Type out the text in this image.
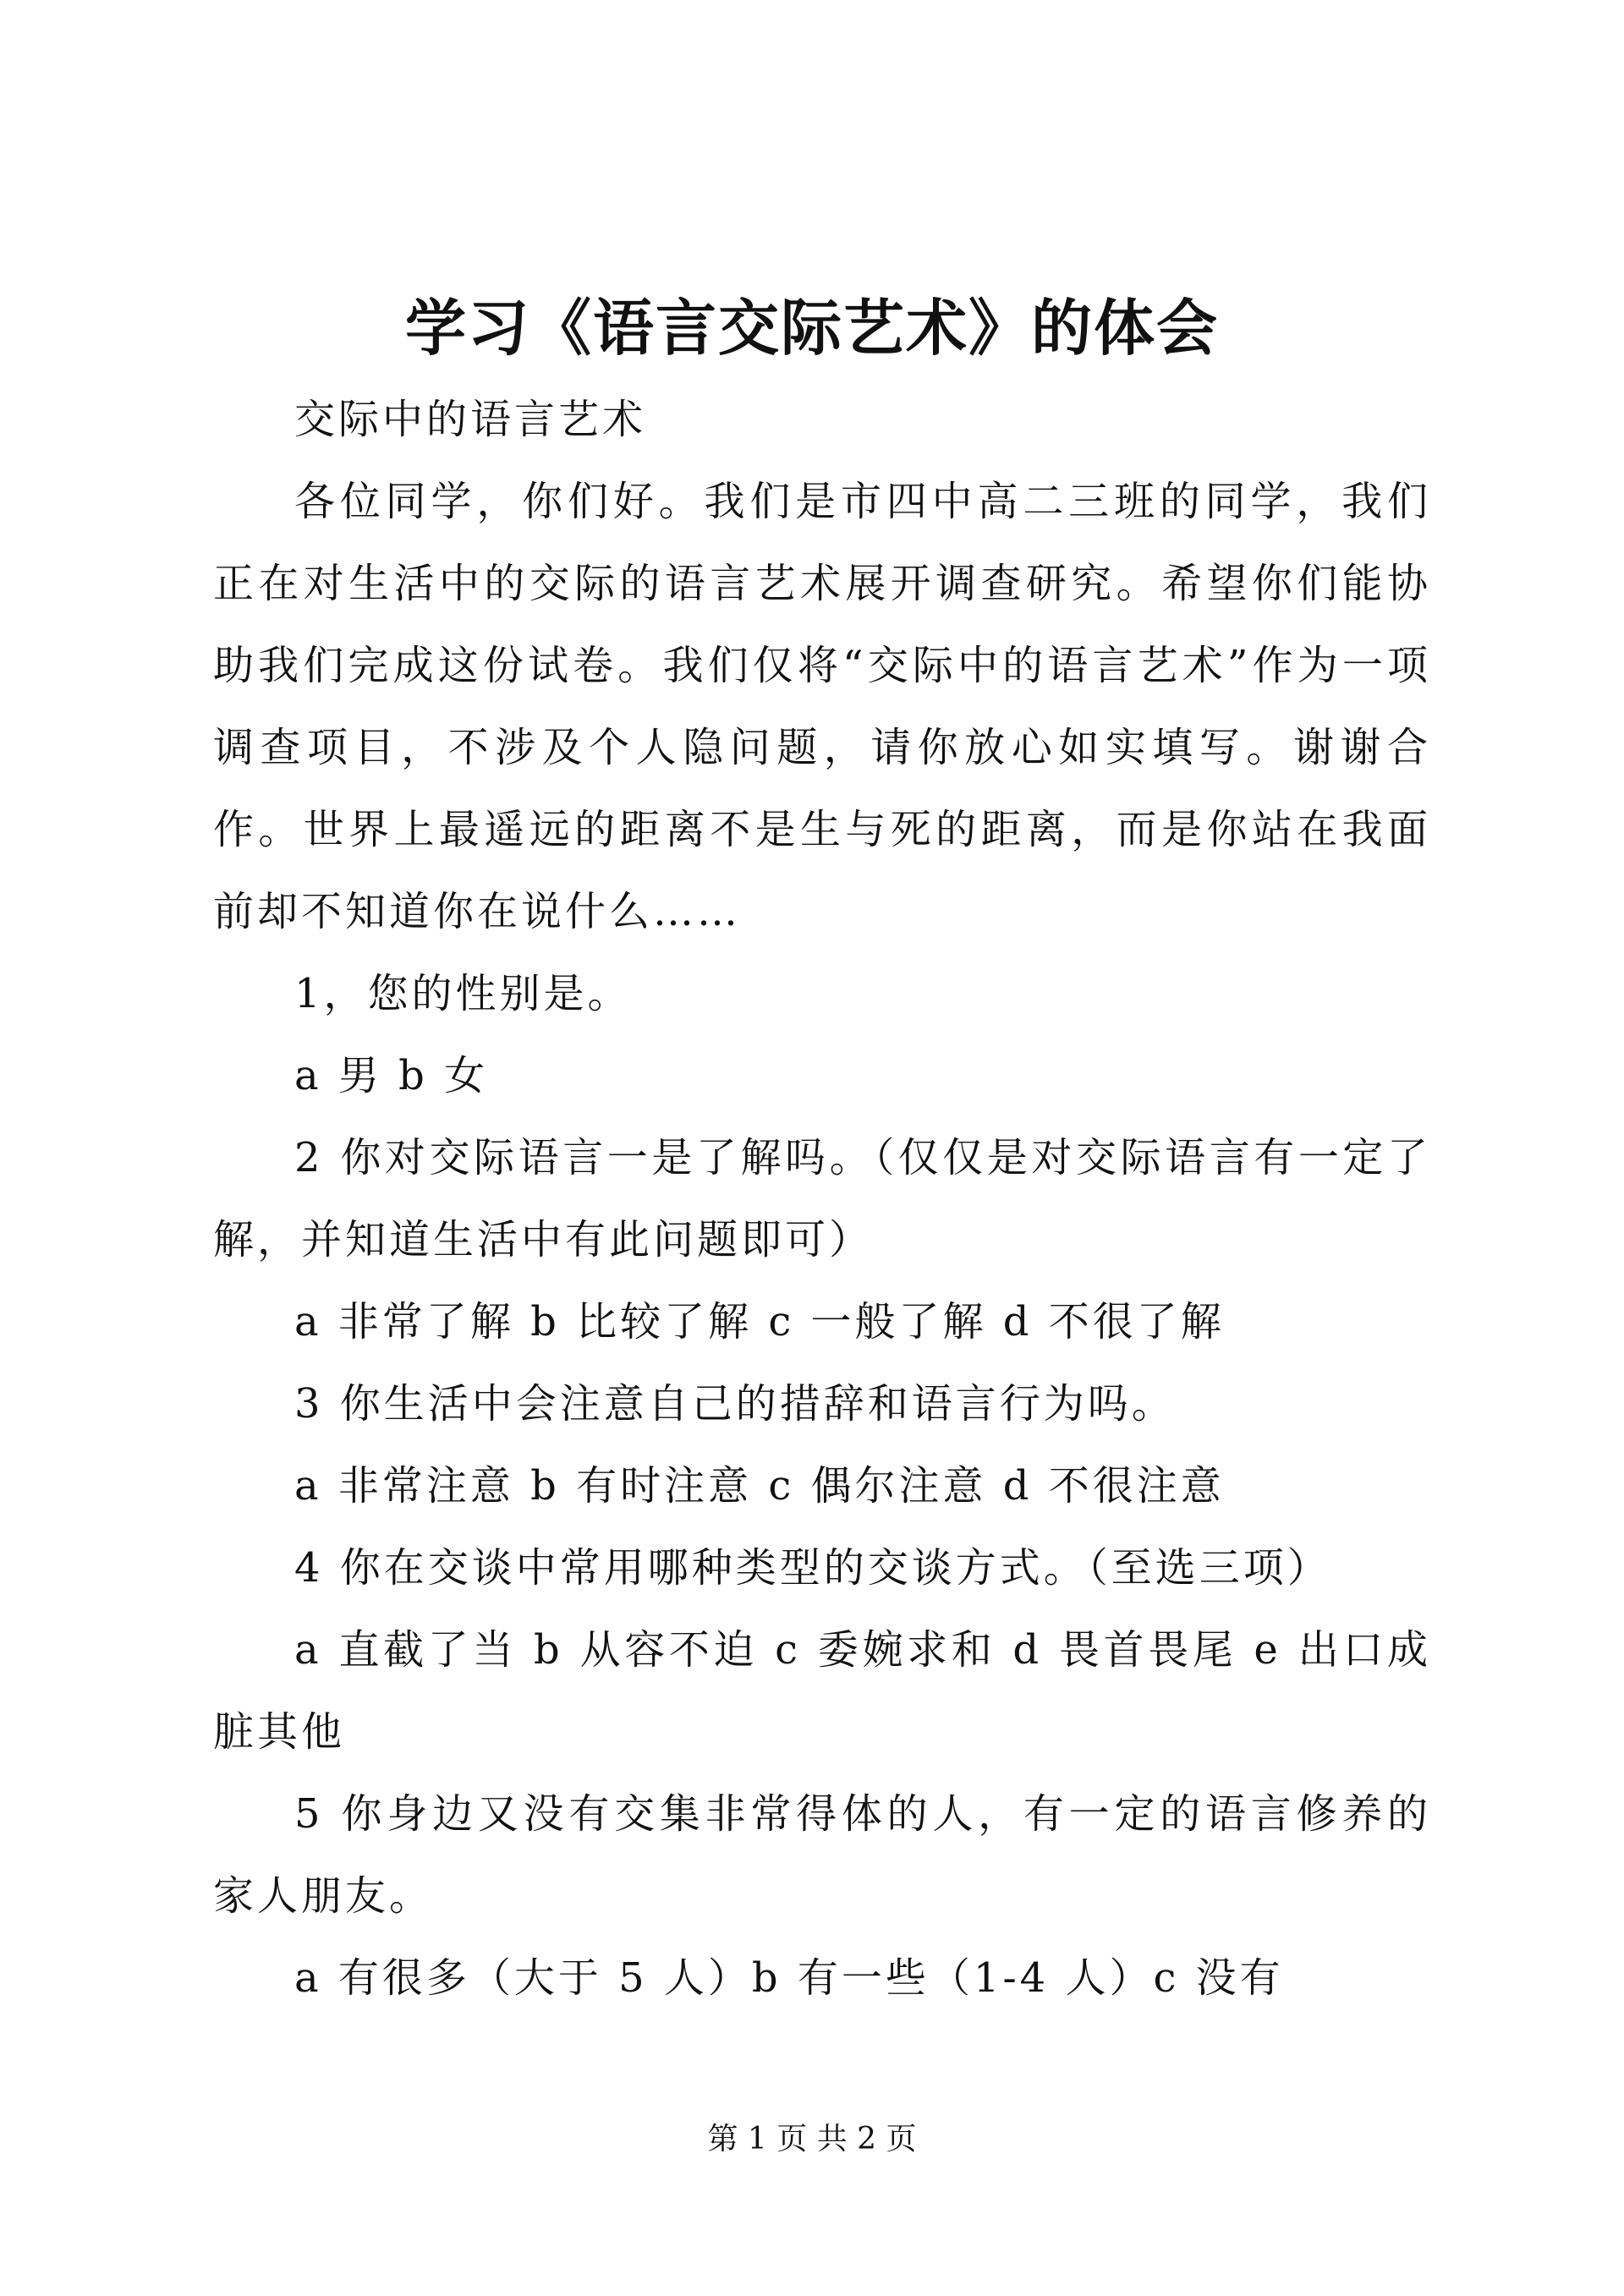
学习《语言交际艺术》的体会

交际中的语言艺术

各位同学，你们好。我们是市四中高二三班的同学，我们正在对生活中的交际的语言艺术展开调查研究。希望你们能协助我们完成这份试卷。我们仅将“交际中的语言艺术”作为一项调查项目，不涉及个人隐问题，请你放心如实填写。谢谢合作。世界上最遥远的距离不是生与死的距离，而是你站在我面前却不知道你在说什么……

1，您的性别是。

a 男 b 女

2 你对交际语言一是了解吗。（仅仅是对交际语言有一定了解，并知道生活中有此问题即可）

a 非常了解 b 比较了解 c 一般了解 d 不很了解

3 你生活中会注意自己的措辞和语言行为吗。

a 非常注意 b 有时注意 c 偶尔注意 d 不很注意

4 你在交谈中常用哪种类型的交谈方式。（至选三项）

a 直截了当 b 从容不迫 c 委婉求和 d 畏首畏尾 e 出口成脏其他

5 你身边又没有交集非常得体的人，有一定的语言修养的家人朋友。

a 有很多（大于 5 人）b 有一些（1-4 人）c 没有

第 1 页 共 2 页
